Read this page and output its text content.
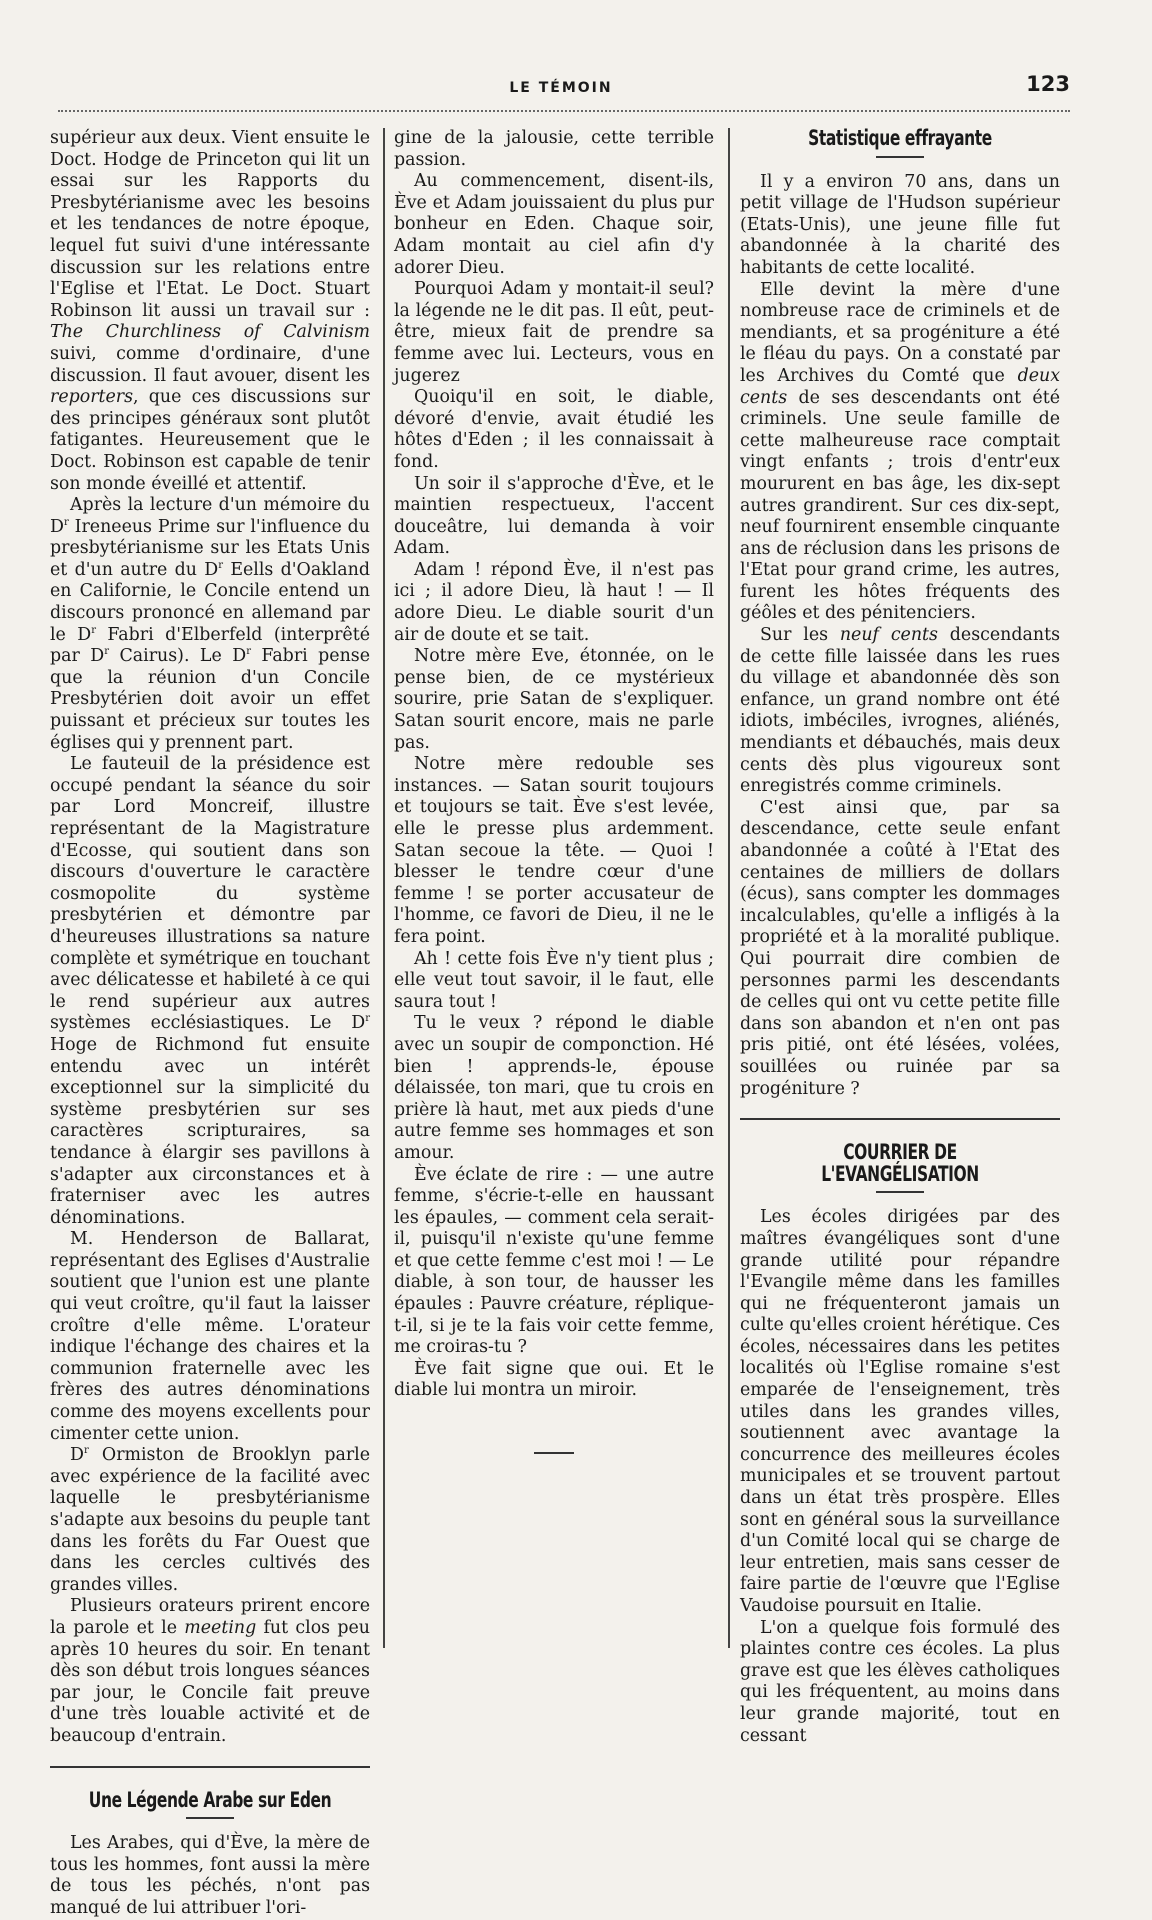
LE TÉMOIN	123

supérieur aux deux. Vient ensuite le Doct. Hodge de Princeton qui lit un essai sur les Rapports du Presbytérianisme avec les besoins et les tendances de notre époque, lequel fut suivi d'une intéressante discussion sur les relations entre l'Eglise et l'Etat. Le Doct. Stuart Robinson lit aussi un travail sur : The Churchliness of Calvinism suivi, comme d'ordinaire, d'une discussion. Il faut avouer, disent les reporters, que ces discussions sur des principes généraux sont plutôt fatigantes. Heureusement que le Doct. Robinson est capable de tenir son monde éveillé et attentif.

Après la lecture d'un mémoire du $D^r$ Ireneeus Prime sur l'influence du presbytérianisme sur les Etats Unis et d'un autre du $D^r$ Eells d'Oakland en Californie, le Concile entend un discours prononcé en allemand par le $D^r$ Fabri d'Elberfeld (interprêté par $D^r$ Cairus). Le $D^r$ Fabri pense que la réunion d'un Concile Presbytérien doit avoir un effet puissant et précieux sur toutes les églises qui y prennent part.

Le fauteuil de la présidence est occupé pendant la séance du soir par Lord Moncreif, illustre représentant de la Magistrature d'Ecosse, qui soutient dans son discours d'ouverture le caractère cosmopolite du système presbytérien et démontre par d'heureuses illustrations sa nature complète et symétrique en touchant avec délicatesse et habileté à ce qui le rend supérieur aux autres systèmes ecclésiastiques. Le $D^r$ Hoge de Richmond fut ensuite entendu avec un intérêt exceptionnel sur la simplicité du système presbytérien sur ses caractères scripturaires, sa tendance à élargir ses pavillons à s'adapter aux circonstances et à fraterniser avec les autres dénominations.

M. Henderson de Ballarat, représentant des Eglises d'Australie soutient que l'union est une plante qui veut croître, qu'il faut la laisser croître d'elle même. L'orateur indique l'échange des chaires et la communion fraternelle avec les frères des autres dénominations comme des moyens excellents pour cimenter cette union.

$D^r$ Ormiston de Brooklyn parle avec expérience de la facilité avec laquelle le presbytérianisme s'adapte aux besoins du peuple tant dans les forêts du Far Ouest que dans les cercles cultivés des grandes villes.

Plusieurs orateurs prirent encore la parole et le meeting fut clos peu après 10 heures du soir. En tenant dès son début trois longues séances par jour, le Concile fait preuve d'une très louable activité et de beaucoup d'entrain.

Une Légende Arabe sur Eden

Les Arabes, qui d'Ève, la mère de tous les hommes, font aussi la mère de tous les péchés, n'ont pas manqué de lui attribuer l'ori-

gine de la jalousie, cette terrible passion.

Au commencement, disent-ils, Ève et Adam jouissaient du plus pur bonheur en Eden. Chaque soir, Adam montait au ciel afin d'y adorer Dieu.

Pourquoi Adam y montait-il seul? la légende ne le dit pas. Il eût, peut-être, mieux fait de prendre sa femme avec lui. Lecteurs, vous en jugerez

Quoiqu'il en soit, le diable, dévoré d'envie, avait étudié les hôtes d'Eden ; il les connaissait à fond.

Un soir il s'approche d'Ève, et le maintien respectueux, l'accent douceâtre, lui demanda à voir Adam.

Adam ! répond Ève, il n'est pas ici ; il adore Dieu, là haut ! — Il adore Dieu. Le diable sourit d'un air de doute et se tait.

Notre mère Eve, étonnée, on le pense bien, de ce mystérieux sourire, prie Satan de s'expliquer. Satan sourit encore, mais ne parle pas.

Notre mère redouble ses instances. — Satan sourit toujours et toujours se tait. Ève s'est levée, elle le presse plus ardemment. Satan secoue la tête. — Quoi ! blesser le tendre cœur d'une femme ! se porter accusateur de l'homme, ce favori de Dieu, il ne le fera point.

Ah ! cette fois Ève n'y tient plus ; elle veut tout savoir, il le faut, elle saura tout !

Tu le veux ? répond le diable avec un soupir de componction. Hé bien ! apprends-le, épouse délaissée, ton mari, que tu crois en prière là haut, met aux pieds d'une autre femme ses hommages et son amour.

Ève éclate de rire : — une autre femme, s'écrie-t-elle en haussant les épaules, — comment cela serait-il, puisqu'il n'existe qu'une femme et que cette femme c'est moi ! — Le diable, à son tour, de hausser les épaules : Pauvre créature, réplique-t-il, si je te la fais voir cette femme, me croiras-tu ?

Ève fait signe que oui. Et le diable lui montra un miroir.

Statistique effrayante

Il y a environ 70 ans, dans un petit village de l'Hudson supérieur (Etats-Unis), une jeune fille fut abandonnée à la charité des habitants de cette localité.

Elle devint la mère d'une nombreuse race de criminels et de mendiants, et sa progéniture a été le fléau du pays. On a constaté par les Archives du Comté que deux cents de ses descendants ont été criminels. Une seule famille de cette malheureuse race comptait vingt enfants ; trois d'entr'eux moururent en bas âge, les dix-sept autres grandirent. Sur ces dix-sept, neuf fournirent ensemble cinquante ans de réclusion dans les prisons de l'Etat pour grand crime, les autres, furent les hôtes fréquents des géôles et des pénitenciers.

Sur les neuf cents descendants de cette fille laissée dans les rues du village et abandonnée dès son enfance, un grand nombre ont été idiots, imbéciles, ivrognes, aliénés, mendiants et débauchés, mais deux cents dès plus vigoureux sont enregistrés comme criminels.

C'est ainsi que, par sa descendance, cette seule enfant abandonnée a coûté à l'Etat des centaines de milliers de dollars (écus), sans compter les dommages incalculables, qu'elle a infligés à la propriété et à la moralité publique. Qui pourrait dire combien de personnes parmi les descendants de celles qui ont vu cette petite fille dans son abandon et n'en ont pas pris pitié, ont été lésées, volées, souillées ou ruinée par sa progéniture ?

COURRIER DE L'EVANGÉLISATION

Les écoles dirigées par des maîtres évangéliques sont d'une grande utilité pour répandre l'Evangile même dans les familles qui ne fréquenteront jamais un culte qu'elles croient hérétique. Ces écoles, nécessaires dans les petites localités où l'Eglise romaine s'est emparée de l'enseignement, très utiles dans les grandes villes, soutiennent avec avantage la concurrence des meilleures écoles municipales et se trouvent partout dans un état très prospère. Elles sont en général sous la surveillance d'un Comité local qui se charge de leur entretien, mais sans cesser de faire partie de l'œuvre que l'Eglise Vaudoise poursuit en Italie.

L'on a quelque fois formulé des plaintes contre ces écoles. La plus grave est que les élèves catholiques qui les fréquentent, au moins dans leur grande majorité, tout en cessant
